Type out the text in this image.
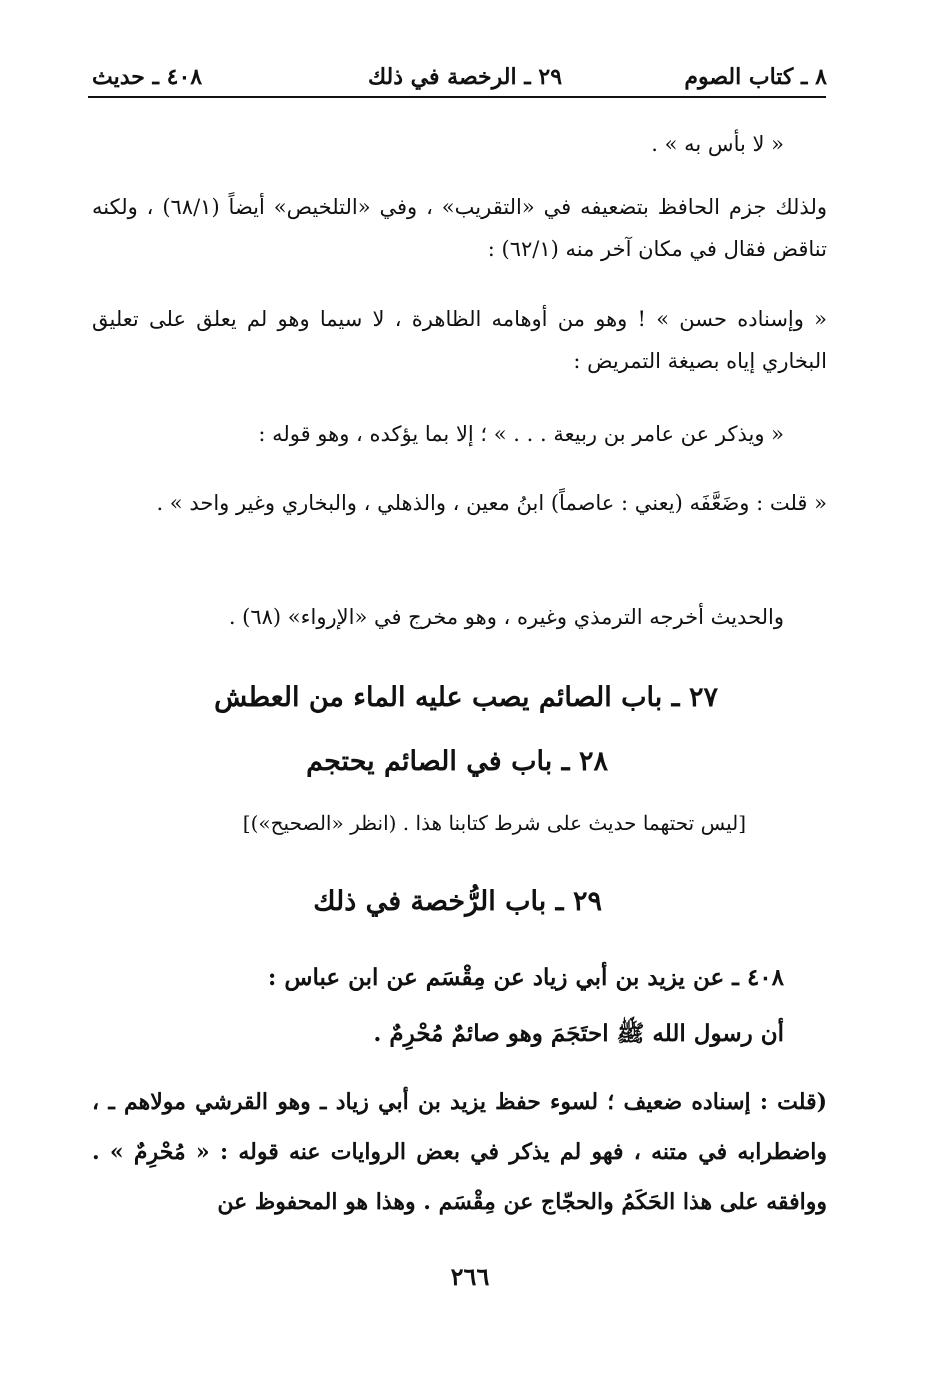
٨ ـ كتاب الصوم
٢٩ ـ الرخصة في ذلك
٤٠٨ ـ حديث

« لا بأس به » .

ولذلك جزم الحافظ بتضعيفه في «التقريب» ، وفي «التلخيص» أيضاً (٦٨/١) ، ولكنه تناقض فقال في مكان آخر منه (٦٢/١) :

« وإسناده حسن » ! وهو من أوهامه الظاهرة ، لا سيما وهو لم يعلق على تعليق البخاري إياه بصيغة التمريض :

« ويذكر عن عامر بن ربيعة . . . » ؛ إلا بما يؤكده ، وهو قوله :

« قلت : وضَعَّفَه (يعني : عاصماً) ابنُ معين ، والذهلي ، والبخاري وغير واحد » .

والحديث أخرجه الترمذي وغيره ، وهو مخرج في «الإرواء» (٦٨) .

٢٧ ـ باب الصائم يصب عليه الماء من العطش
٢٨ ـ باب في الصائم يحتجم
[ليس تحتهما حديث على شرط كتابنا هذا . (انظر «الصحيح»)]
٢٩ ـ باب الرُّخصة في ذلك

٤٠٨ ـ عن يزيد بن أبي زياد عن مِقْسَم عن ابن عباس :

أن رسول الله ﷺ احتَجَمَ وهو صائمٌ مُحْرِمٌ .

(قلت : إسناده ضعيف ؛ لسوء حفظ يزيد بن أبي زياد ـ وهو القرشي مولاهم ـ ، واضطرابه في متنه ، فهو لم يذكر في بعض الروايات عنه قوله : « مُحْرِمٌ » . ووافقه على هذا الحَكَمُ والحجّاج عن مِقْسَم . وهذا هو المحفوظ عن

٢٦٦
